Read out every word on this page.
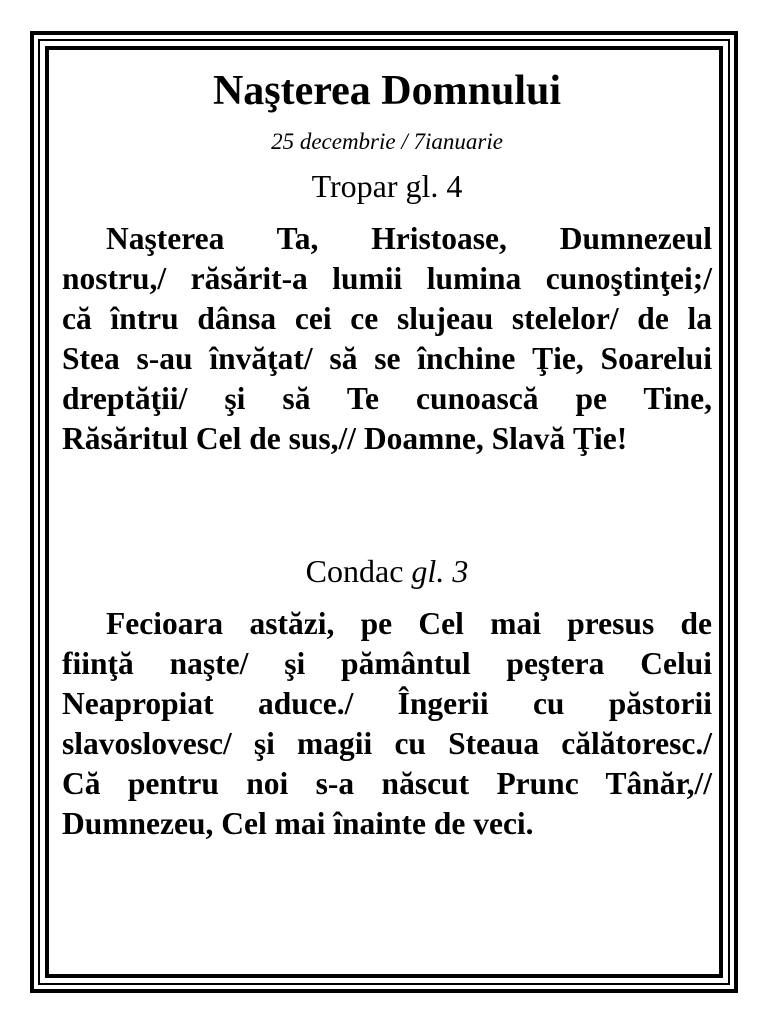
Naşterea Domnului
25 decembrie / 7ianuarie
Tropar gl. 4
Naşterea Ta, Hristoase, Dumnezeul
nostru,/ răsărit-a lumii lumina cunoştinţei;/
că întru dânsa cei ce slujeau stelelor/ de la
Stea s-au învăţat/ să se închine Ţie, Soarelui
dreptăţii/ şi să Te cunoască pe Tine,
Răsăritul Cel de sus,// Doamne, Slavă Ţie!
Condac gl. 3
Fecioara astăzi, pe Cel mai presus de
fiinţă naşte/ şi pământul peştera Celui
Neapropiat aduce./ Îngerii cu păstorii
slavoslovesc/ şi magii cu Steaua călătoresc./
Că pentru noi s-a născut Prunc Tânăr,//
Dumnezeu, Cel mai înainte de veci.
